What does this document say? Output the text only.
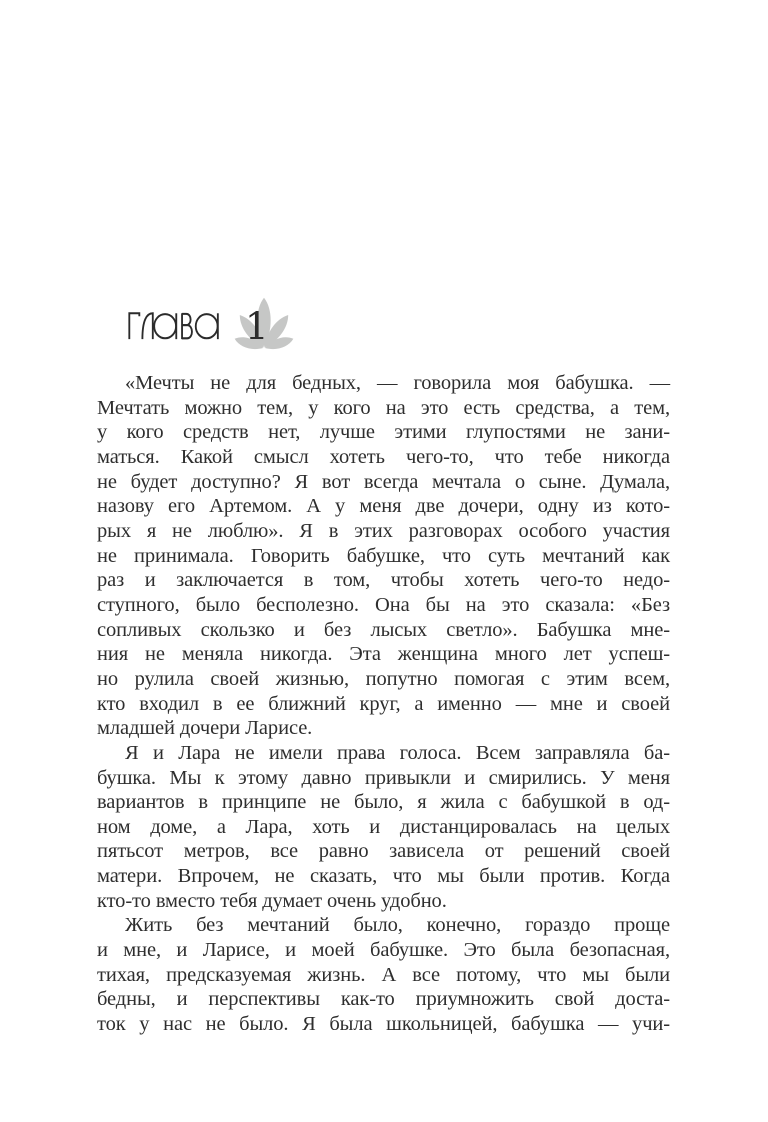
1
«Мечты не для бедных, — говорила моя бабушка. —
Мечтать можно тем, у кого на это есть средства, а тем,
у кого средств нет, лучше этими глупостями не зани-
маться. Какой смысл хотеть чего-то, что тебе никогда
не будет доступно? Я вот всегда мечтала о сыне. Думала,
назову его Артемом. А у меня две дочери, одну из кото-
рых я не люблю». Я в этих разговорах особого участия
не принимала. Говорить бабушке, что суть мечтаний как
раз и заключается в том, чтобы хотеть чего-то недо-
ступного, было бесполезно. Она бы на это сказала: «Без
сопливых скользко и без лысых светло». Бабушка мне-
ния не меняла никогда. Эта женщина много лет успеш-
но рулила своей жизнью, попутно помогая с этим всем,
кто входил в ее ближний круг, а именно — мне и своей
младшей дочери Ларисе.
Я и Лара не имели права голоса. Всем заправляла ба-
бушка. Мы к этому давно привыкли и смирились. У меня
вариантов в принципе не было, я жила с бабушкой в од-
ном доме, а Лара, хоть и дистанцировалась на целых
пятьсот метров, все равно зависела от решений своей
матери. Впрочем, не сказать, что мы были против. Когда
кто-то вместо тебя думает очень удобно.
Жить без мечтаний было, конечно, гораздо проще
и мне, и Ларисе, и моей бабушке. Это была безопасная,
тихая, предсказуемая жизнь. А все потому, что мы были
бедны, и перспективы как-то приумножить свой доста-
ток у нас не было. Я была школьницей, бабушка — учи-
